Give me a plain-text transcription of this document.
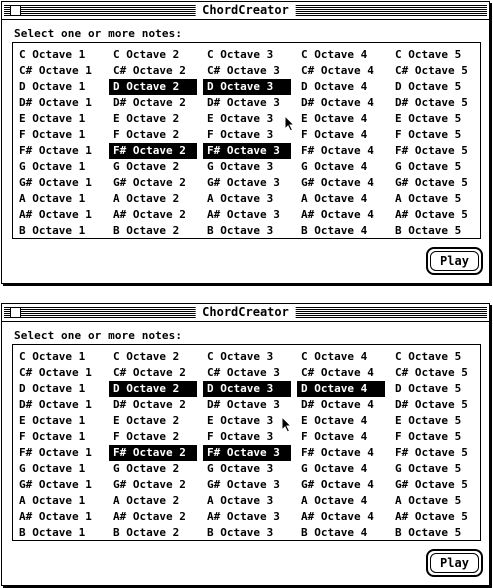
ChordCreator
Select one or more notes:
C Octave 1
C# Octave 1
D Octave 1
D# Octave 1
E Octave 1
F Octave 1
F# Octave 1
G Octave 1
G# Octave 1
A Octave 1
A# Octave 1
B Octave 1
C Octave 2
C# Octave 2
D Octave 2
D# Octave 2
E Octave 2
F Octave 2
F# Octave 2
G Octave 2
G# Octave 2
A Octave 2
A# Octave 2
B Octave 2
C Octave 3
C# Octave 3
D Octave 3
D# Octave 3
E Octave 3
F Octave 3
F# Octave 3
G Octave 3
G# Octave 3
A Octave 3
A# Octave 3
B Octave 3
C Octave 4
C# Octave 4
D Octave 4
D# Octave 4
E Octave 4
F Octave 4
F# Octave 4
G Octave 4
G# Octave 4
A Octave 4
A# Octave 4
B Octave 4
C Octave 5
C# Octave 5
D Octave 5
D# Octave 5
E Octave 5
F Octave 5
F# Octave 5
G Octave 5
G# Octave 5
A Octave 5
A# Octave 5
B Octave 5
Play
ChordCreator
Select one or more notes:
C Octave 1
C# Octave 1
D Octave 1
D# Octave 1
E Octave 1
F Octave 1
F# Octave 1
G Octave 1
G# Octave 1
A Octave 1
A# Octave 1
B Octave 1
C Octave 2
C# Octave 2
D Octave 2
D# Octave 2
E Octave 2
F Octave 2
F# Octave 2
G Octave 2
G# Octave 2
A Octave 2
A# Octave 2
B Octave 2
C Octave 3
C# Octave 3
D Octave 3
D# Octave 3
E Octave 3
F Octave 3
F# Octave 3
G Octave 3
G# Octave 3
A Octave 3
A# Octave 3
B Octave 3
C Octave 4
C# Octave 4
D Octave 4
D# Octave 4
E Octave 4
F Octave 4
F# Octave 4
G Octave 4
G# Octave 4
A Octave 4
A# Octave 4
B Octave 4
C Octave 5
C# Octave 5
D Octave 5
D# Octave 5
E Octave 5
F Octave 5
F# Octave 5
G Octave 5
G# Octave 5
A Octave 5
A# Octave 5
B Octave 5
Play
